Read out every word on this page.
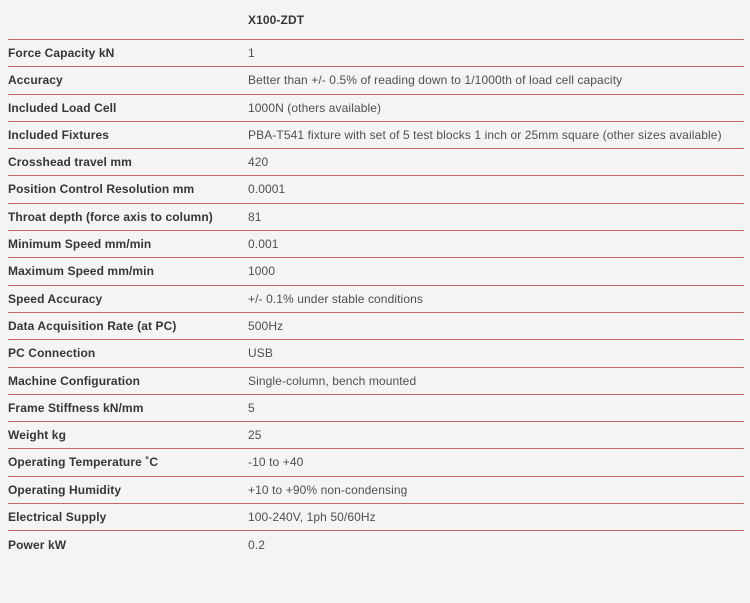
X100-ZDT
Force Capacity kN	1
Accuracy	Better than +/- 0.5% of reading down to 1/1000th of load cell capacity
Included Load Cell	1000N (others available)
Included Fixtures	PBA-T541 fixture with set of 5 test blocks 1 inch or 25mm square (other sizes available)
Crosshead travel mm	420
Position Control Resolution mm	0.0001
Throat depth (force axis to column)	81
Minimum Speed mm/min	0.001
Maximum Speed mm/min	1000
Speed Accuracy	+/- 0.1% under stable conditions
Data Acquisition Rate (at PC)	500Hz
PC Connection	USB
Machine Configuration	Single-column, bench mounted
Frame Stiffness kN/mm	5
Weight kg	25
Operating Temperature ˚C	-10 to +40
Operating Humidity	+10 to +90% non-condensing
Electrical Supply	100-240V, 1ph 50/60Hz
Power kW	0.2
